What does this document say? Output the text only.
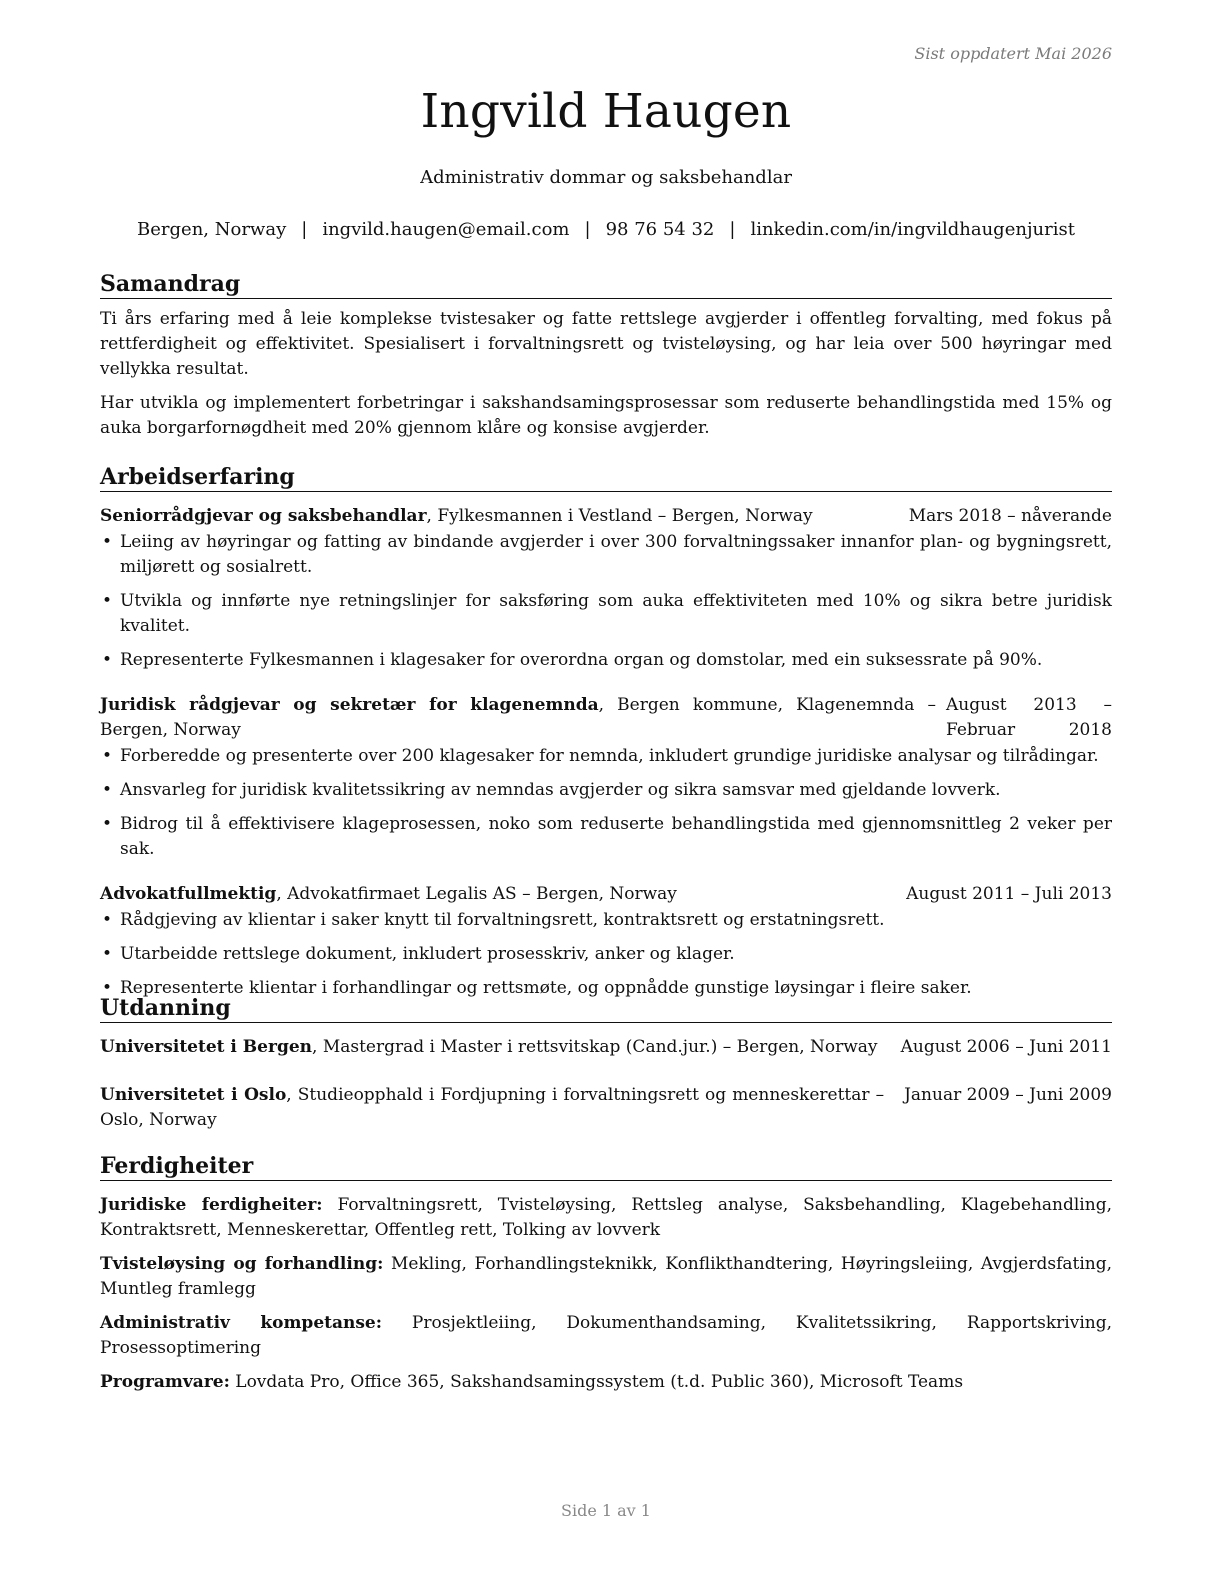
Sist oppdatert Mai 2026
Ingvild Haugen
Administrativ dommar og saksbehandlar
Bergen, Norway | ingvild.haugen@email.com | 98 76 54 32 | linkedin.com/in/ingvildhaugenjurist
Samandrag

Ti års erfaring med å leie komplekse tvistesaker og fatte rettslege avgjerder i offentleg forvalting, med fokus på rettferdigheit og effektivitet. Spesialisert i forvaltningsrett og tvisteløysing, og har leia over 500 høyringar med vellykka resultat.

Har utvikla og implementert forbetringar i sakshandsamingsprosessar som reduserte behandlingstida med 15% og auka borgarfornøgdheit med 20% gjennom klåre og konsise avgjerder.

Arbeidserfaring
Seniorrådgjevar og saksbehandlar, Fylkesmannen i Vestland – Bergen, Norway	Mars 2018 – nåverande
• Leiing av høyringar og fatting av bindande avgjerder i over 300 forvaltningssaker innanfor plan- og bygningsrett, miljørett og sosialrett.
• Utvikla og innførte nye retningslinjer for saksføring som auka effektiviteten med 10% og sikra betre juridisk kvalitet.
• Representerte Fylkesmannen i klagesaker for overordna organ og domstolar, med ein suksessrate på 90%.
Juridisk rådgjevar og sekretær for klagenemnda, Bergen kommune, Klagenemnda – Bergen, Norway
August 2013 – Februar 2018
• Forberedde og presenterte over 200 klagesaker for nemnda, inkludert grundige juridiske analysar og tilrådingar.
• Ansvarleg for juridisk kvalitetssikring av nemndas avgjerder og sikra samsvar med gjeldande lovverk.
• Bidrog til å effektivisere klageprosessen, noko som reduserte behandlingstida med gjennomsnittleg 2 veker per sak.
Advokatfullmektig, Advokatfirmaet Legalis AS – Bergen, Norway	August 2011 – Juli 2013
• Rådgjeving av klientar i saker knytt til forvaltningsrett, kontraktsrett og erstatningsrett.
• Utarbeidde rettslege dokument, inkludert prosesskriv, anker og klager.
• Representerte klientar i forhandlingar og rettsmøte, og oppnådde gunstige løysingar i fleire saker.
Utdanning
Universitetet i Bergen, Mastergrad i Master i rettsvitskap (Cand.jur.) – Bergen, Norway	August 2006 – Juni 2011
Universitetet i Oslo, Studieopphald i Fordjupning i forvaltningsrett og menneskerettar – Oslo, Norway
Januar 2009 – Juni 2009
Ferdigheiter

Juridiske ferdigheiter: Forvaltningsrett, Tvisteløysing, Rettsleg analyse, Saksbehandling, Klagebehandling, Kontraktsrett, Menneskerettar, Offentleg rett, Tolking av lovverk

Tvisteløysing og forhandling: Mekling, Forhandlingsteknikk, Konflikthandtering, Høyringsleiing, Avgjerdsfating, Muntleg framlegg

Administrativ kompetanse: Prosjektleiing, Dokumenthandsaming, Kvalitetssikring, Rapportskriving, Prosessoptimering

Programvare: Lovdata Pro, Office 365, Sakshandsamingssystem (t.d. Public 360), Microsoft Teams

Side 1 av 1
